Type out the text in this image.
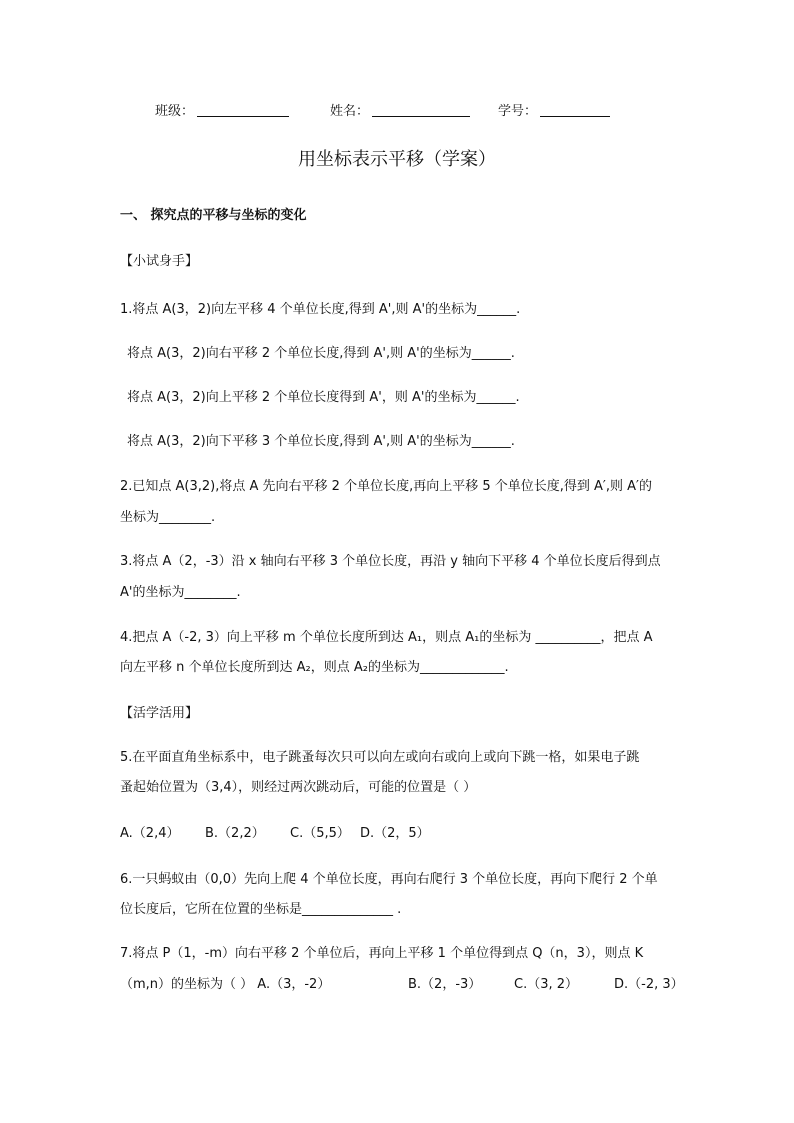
班级：	姓名：	学号：
用坐标表示平移（学案）
一、 探究点的平移与坐标的变化
【小试身手】
1.将点 A(3，2)向左平移 4 个单位长度,得到 A',则 A'的坐标为______.
将点 A(3，2)向右平移 2 个单位长度,得到 A',则 A'的坐标为______.
将点 A(3，2)向上平移 2 个单位长度得到 A'，则 A'的坐标为______.
将点 A(3，2)向下平移 3 个单位长度,得到 A',则 A'的坐标为______.
2.已知点 A(3,2),将点 A 先向右平移 2 个单位长度,再向上平移 5 个单位长度,得到 A′,则 A′的
坐标为________.
3.将点 A（2，-3）沿 x 轴向右平移 3 个单位长度，再沿 y 轴向下平移 4 个单位长度后得到点
A'的坐标为________.
4.把点 A（-2, 3）向上平移 m 个单位长度所到达 A₁，则点 A₁的坐标为 __________，把点 A
向左平移 n 个单位长度所到达 A₂，则点 A₂的坐标为_____________.
【活学活用】
5.在平面直角坐标系中，电子跳蚤每次只可以向左或向右或向上或向下跳一格，如果电子跳
蚤起始位置为（3,4），则经过两次跳动后，可能的位置是（ ）
A.（2,4） B.（2,2） C.（5,5） D.（2，5）
6.一只蚂蚁由（0,0）先向上爬 4 个单位长度，再向右爬行 3 个单位长度，再向下爬行 2 个单
位长度后，它所在位置的坐标是______________ .
7.将点 P（1，-m）向右平移 2 个单位后，再向上平移 1 个单位得到点 Q（n，3），则点 K
（m,n）的坐标为（ ） A.（3，-2）	B.（2，-3）	C.（3, 2）	D.（-2, 3）
